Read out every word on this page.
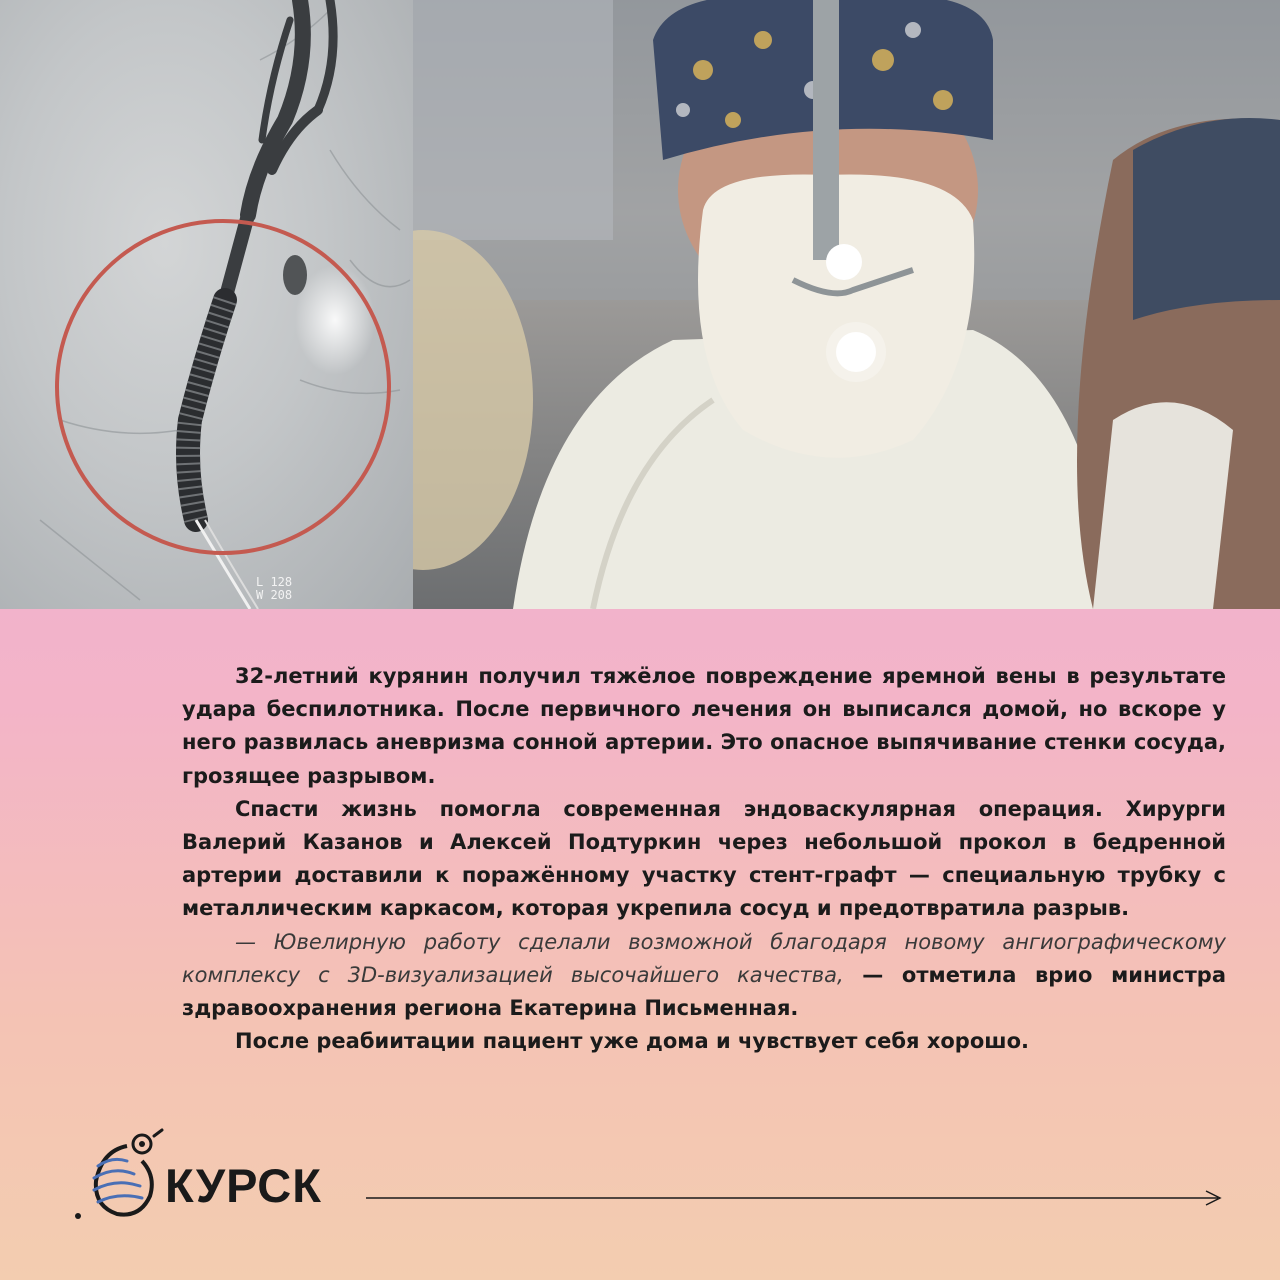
L 128
W 208

32-летний курянин получил тяжёлое повреждение яремной вены в результате удара беспилотника. После первичного лечения он выписался домой, но вскоре у него развилась аневризма сонной артерии. Это опасное выпячивание стенки сосуда, грозящее разрывом.

Спасти жизнь помогла современная эндоваскулярная операция. Хирурги Валерий Казанов и Алексей Подтуркин через небольшой прокол в бедренной артерии доставили к поражённому участку стент-графт — специальную трубку с металлическим каркасом, которая укрепила сосуд и предотвратила разрыв.

— Ювелирную работу сделали возможной благодаря новому ангиографическому комплексу с 3D-визуализацией высочайшего качества, — отметила врио министра здравоохранения региона Екатерина Письменная.

После реабиитации пациент уже дома и чувствует себя хорошо.

КУРСК
